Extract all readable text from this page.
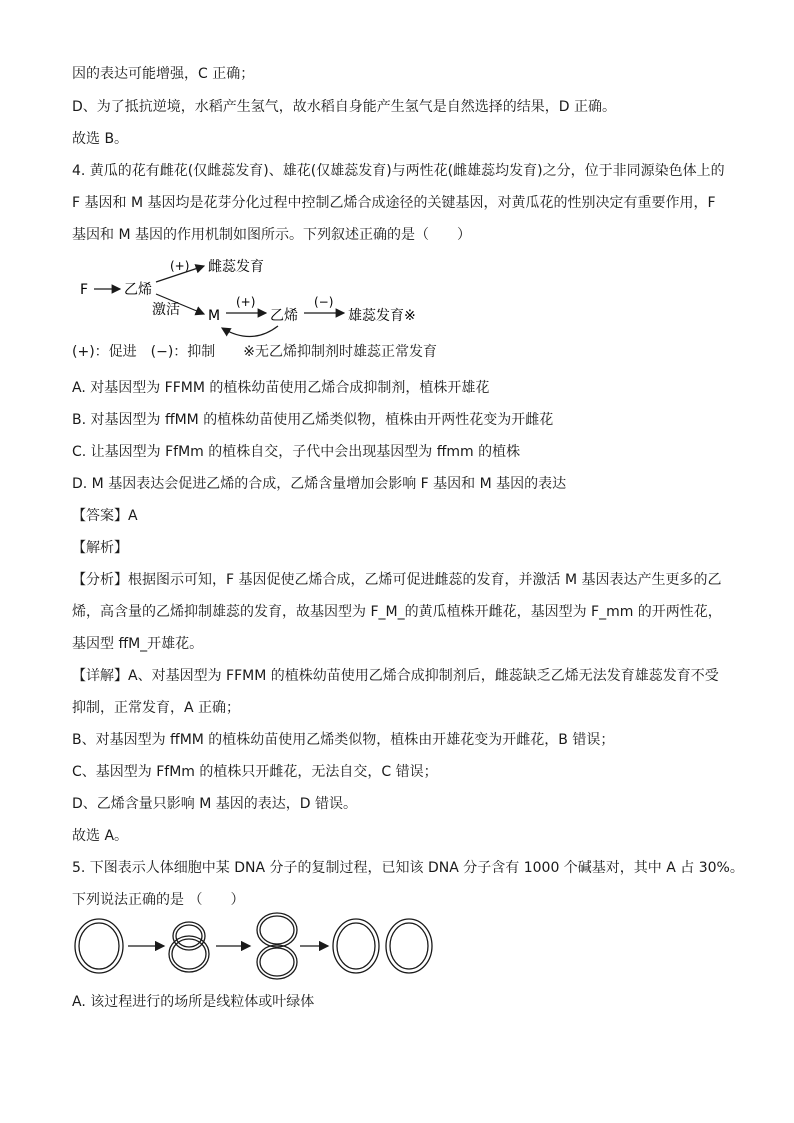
因的表达可能增强，C 正确；
D、为了抵抗逆境，水稻产生氢气，故水稻自身能产生氢气是自然选择的结果，D 正确。
故选 B。
4. 黄瓜的花有雌花(仅雌蕊发育)、雄花(仅雄蕊发育)与两性花(雌雄蕊均发育)之分，位于非同源染色体上的
F 基因和 M 基因均是花芽分化过程中控制乙烯合成途径的关键基因，对黄瓜花的性别决定有重要作用，F
基因和 M 基因的作用机制如图所示。下列叙述正确的是（　　）
F	乙烯
(+) 雌蕊发育
激活 M
(+)
乙烯
(−)
雄蕊发育※
(+)：促进　(−)：抑制　　※无乙烯抑制剂时雄蕊正常发育
A. 对基因型为 FFMM 的植株幼苗使用乙烯合成抑制剂，植株开雄花
B. 对基因型为 ffMM 的植株幼苗使用乙烯类似物，植株由开两性花变为开雌花
C. 让基因型为 FfMm 的植株自交，子代中会出现基因型为 ffmm 的植株
D. M 基因表达会促进乙烯的合成，乙烯含量增加会影响 F 基因和 M 基因的表达
【答案】A
【解析】
【分析】根据图示可知，F 基因促使乙烯合成，乙烯可促进雌蕊的发育，并激活 M 基因表达产生更多的乙
烯，高含量的乙烯抑制雄蕊的发育，故基因型为 F_M_的黄瓜植株开雌花，基因型为 F_mm 的开两性花，
基因型 ffM_开雄花。
【详解】A、对基因型为 FFMM 的植株幼苗使用乙烯合成抑制剂后，雌蕊缺乏乙烯无法发育雄蕊发育不受
抑制，正常发育，A 正确；
B、对基因型为 ffMM 的植株幼苗使用乙烯类似物，植株由开雄花变为开雌花，B 错误；
C、基因型为 FfMm 的植株只开雌花，无法自交，C 错误；
D、乙烯含量只影响 M 基因的表达，D 错误。
故选 A。
5. 下图表示人体细胞中某 DNA 分子的复制过程，已知该 DNA 分子含有 1000 个碱基对，其中 A 占 30%。
下列说法正确的是 （　　）
A. 该过程进行的场所是线粒体或叶绿体
